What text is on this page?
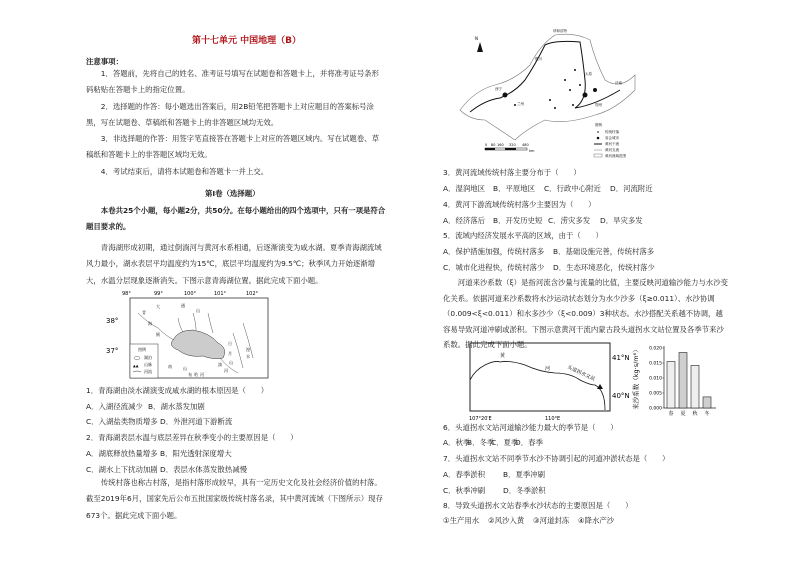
第十七单元 中国地理（B）
注意事项：
1．答题前，先将自己的姓名、准考证号填写在试题卷和答题卡上，并将准考证号条形码粘贴在答题卡上的指定位置。
2．选择题的作答：每小题选出答案后，用2B铅笔把答题卡上对应题目的答案标号涂黑，写在试题卷、草稿纸和答题卡上的非答题区域均无效。
3．非选择题的作答：用签字笔直接答在答题卡上对应的答题区域内。写在试题卷、草稿纸和答题卡上的非答题区域均无效。
4．考试结束后，请将本试题卷和答题卡一并上交。
第Ⅰ卷（选择题）
本卷共25个小题，每小题2分，共50分。在每小题给出的四个选项中，只有一项是符合题目要求的。
青海湖形成初期，通过倒淌河与黄河水系相通，后逐渐演变为咸水湖。夏季青海湖流域风力最小，湖水表层平均温度约为15℃，底层平均温度约为9.5℃；秋季风力开始逐渐增大，水温分层现象逐渐消失。下图示意青海湖位置。据此完成下面小题。
98°	99°	100°	101°	102°
38°
37°
大	通
山
青
海
南	山
日
月
山
湟
水
倒
淌
河
布 哈 河
图例
湖泊
山脉
河流
▲▲
1．青海湖由淡水湖演变成咸水湖的根本原因是（　　）
A．入湖径流减少 B．湖水蒸发加剧
C．入湖盐类物质增多 D．外泄河道下游断流
2．青海湖表层水温与底层差异在秋季变小的主要原因是（　　）
A．湖底释放热量增多 B．阳光透射深度增大
C．湖水上下扰动加剧 D．表层水体蒸发散热减慢
传统村落也称古村落，是指村落形成较早，具有一定历史文化及社会经济价值的村落。截至2019年6月，国家先后公布五批国家级传统村落名录，其中黄河流域（下图所示）现存673个。据此完成下面小题。
N
呼和浩特
太原
兰州
西宁
银川
郑州
济南
0 80 160 320 480
km
图例
传统村落
省会城市
黄河干流
黄河支流
黄河流域范围
3．黄河流域传统村落主要分布于（　　）
A．湿润地区 B．平原地区 C．行政中心附近 D．河流附近
4．黄河下游流域传统村落少主要因为（　　）
A．经济落后 B．开发历史短 C．涝灾多发 D．旱灾多发
5．流域内经济发展水平高的区域，由于（　　）
A．保护措施加强，传统村落多 B．基础设施完善，传统村落多
C．城市化进程快，传统村落少 D．生态环境恶化，传统村落少
河道来沙系数（ξ）是指河流含沙量与流量的比值，主要反映河道输沙能力与水沙变化关系。依据河道来沙系数将水沙运动状态划分为水少沙多（ξ≥0.011）、水沙协调（0.009<ξ<0.011）和水多沙少（ξ<0.009）3种状态。水沙搭配关系越不协调，越容易导致河道冲刷或淤积。下图示意黄河干流内蒙古段头道拐水文站位置及各季节来沙系数。据此完成下面小题。
黄
河	头道拐水文站
107°20′E	110°E
41°N
40°N 来沙系数（kg·s/m⁶） 0.000
0.005
0.010
0.015
0.020
春 夏 秋 冬
6．头道拐水文站河道输沙能力最大的季节是（　　）
A．秋季
B．冬季
C．夏季
D．春季
7．头道拐水文站不同季节水沙不协调引起的河道冲淤状态是（　　）
A．春季淤积 B．夏季冲刷
C．秋季冲刷 D．冬季淤积
8．导致头道拐水文站春季水沙状态的主要原因是（　　）
①生产用水 ②风沙入黄 ③河道封冻 ④降水产沙
